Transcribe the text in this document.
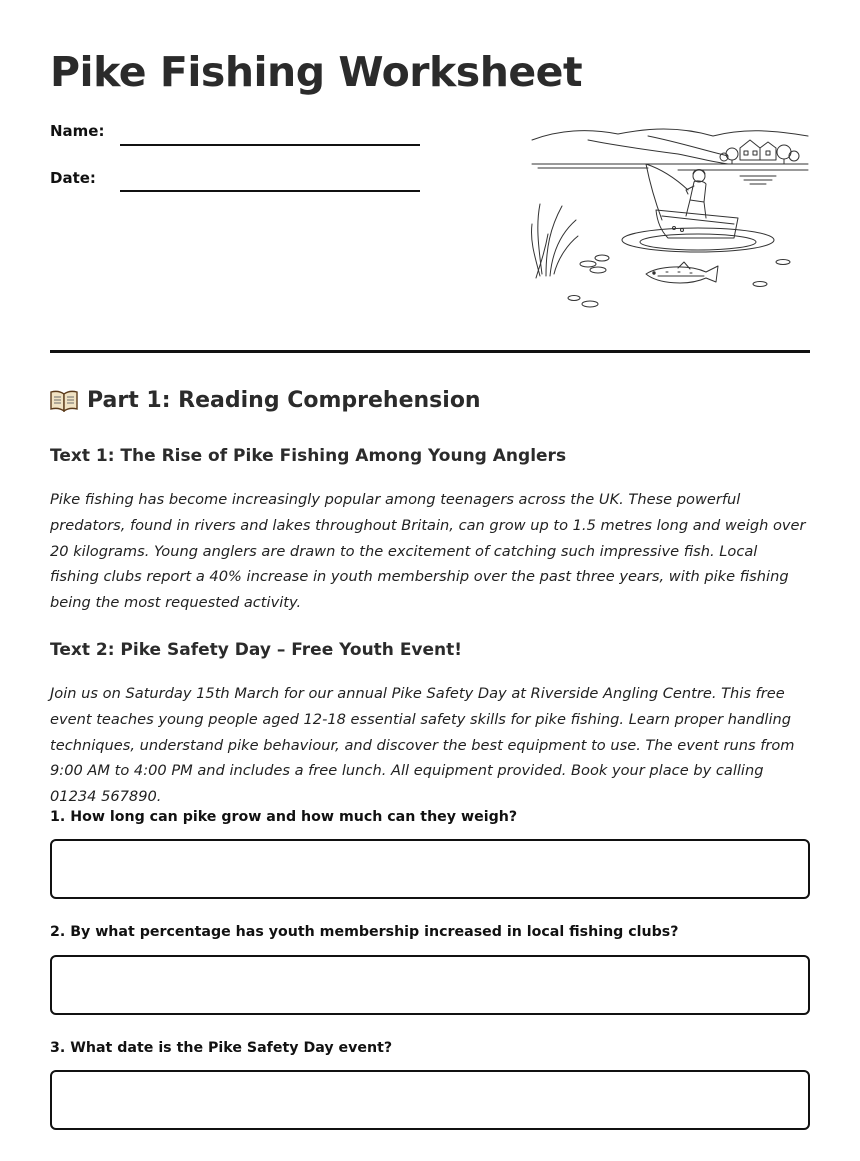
Pike Fishing Worksheet
Name:
Date:
Part 1: Reading Comprehension
Text 1: The Rise of Pike Fishing Among Young Anglers

Pike fishing has become increasingly popular among teenagers across the UK. These powerful predators, found in rivers and lakes throughout Britain, can grow up to 1.5 metres long and weigh over 20 kilograms. Young anglers are drawn to the excitement of catching such impressive fish. Local fishing clubs report a 40% increase in youth membership over the past three years, with pike fishing being the most requested activity.

Text 2: Pike Safety Day – Free Youth Event!

Join us on Saturday 15th March for our annual Pike Safety Day at Riverside Angling Centre. This free event teaches young people aged 12-18 essential safety skills for pike fishing. Learn proper handling techniques, understand pike behaviour, and discover the best equipment to use. The event runs from 9:00 AM to 4:00 PM and includes a free lunch. All equipment provided. Book your place by calling 01234 567890.

1. How long can pike grow and how much can they weigh?

2. By what percentage has youth membership increased in local fishing clubs?

3. What date is the Pike Safety Day event?
